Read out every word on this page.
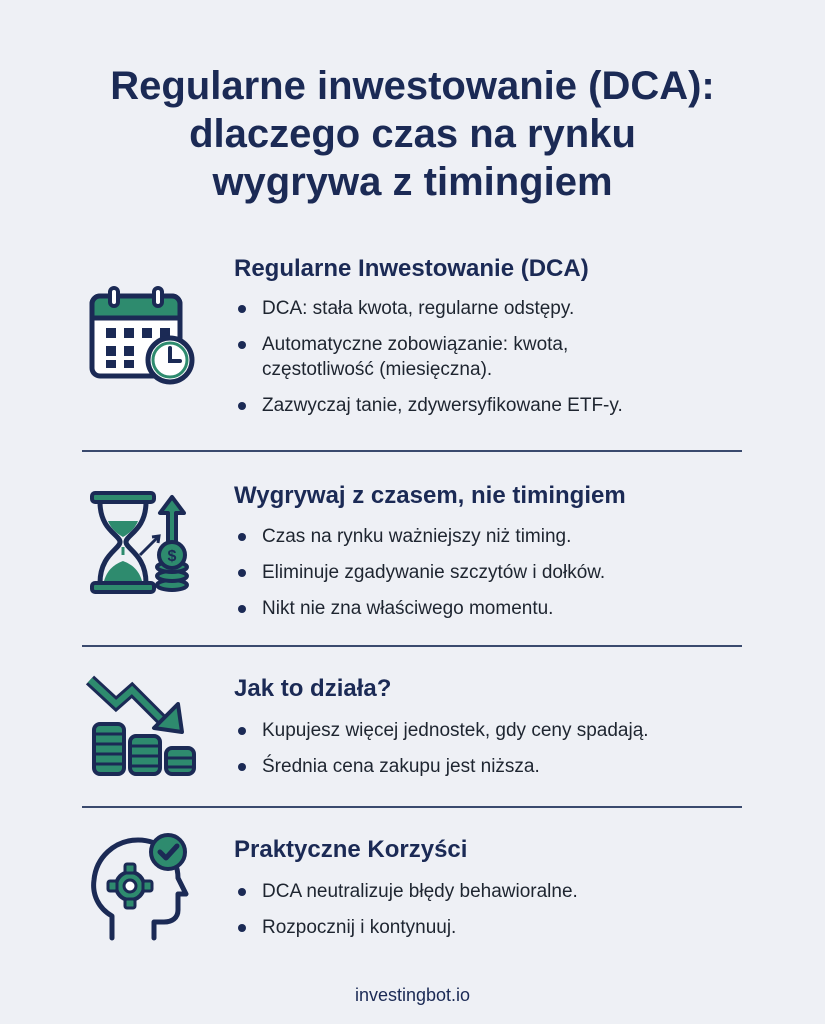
Regularne inwestowanie (DCA):
dlaczego czas na rynku
wygrywa z timingiem
Regularne Inwestowanie (DCA)
DCA: stała kwota, regularne odstępy.
Automatyczne zobowiązanie: kwota,
częstotliwość (miesięczna).
Zazwyczaj tanie, zdywersyfikowane ETF-y.
$
Wygrywaj z czasem, nie timingiem
Czas na rynku ważniejszy niż timing.
Eliminuje zgadywanie szczytów i dołków.
Nikt nie zna właściwego momentu.
Jak to działa?
Kupujesz więcej jednostek, gdy ceny spadają.
Średnia cena zakupu jest niższa.
Praktyczne Korzyści
DCA neutralizuje błędy behawioralne.
Rozpocznij i kontynuuj.
investingbot.io
